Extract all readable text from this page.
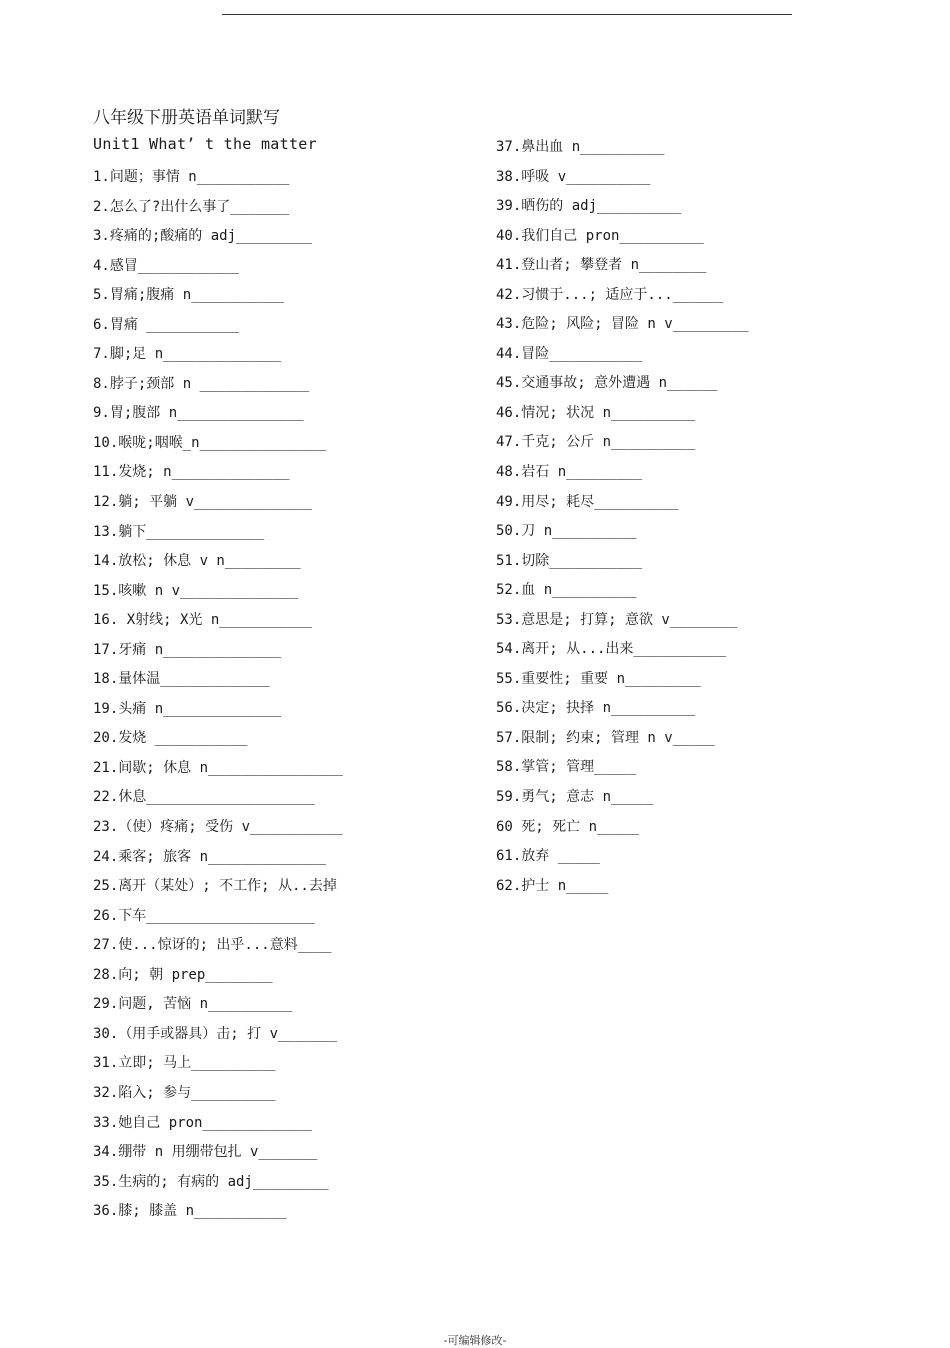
八年级下册英语单词默写
Unit1 What’ t the matter
1.问题；事情 n___________
2.怎么了?出什么事了_______
3.疼痛的;酸痛的 adj_________
4.感冒____________
5.胃痛;腹痛 n___________
6.胃痛 ___________
7.脚;足 n______________
8.脖子;颈部 n _____________
9.胃;腹部 n_______________
10.喉咙;咽喉_n_______________
11.发烧; n______________
12.躺; 平躺 v______________
13.躺下______________
14.放松; 休息 v n_________
15.咳嗽 n v______________
16. X射线; X光 n___________
17.牙痛 n______________
18.量体温_____________
19.头痛 n______________
20.发烧 ___________
21.间歇; 休息 n________________
22.休息____________________
23.（使）疼痛; 受伤 v___________
24.乘客; 旅客 n______________
25.离开（某处）; 不工作; 从..去掉
26.下车____________________
27.使...惊讶的; 出乎...意料____
28.向; 朝 prep________
29.问题, 苦恼 n__________
30.（用手或器具）击; 打 v_______
31.立即; 马上__________
32.陷入; 参与__________
33.她自己 pron_____________
34.绷带 n 用绷带包扎 v_______
35.生病的; 有病的 adj_________
36.膝; 膝盖 n___________
37.鼻出血 n__________
38.呼吸 v__________
39.晒伤的 adj__________
40.我们自己 pron__________
41.登山者; 攀登者 n________
42.习惯于...; 适应于...______
43.危险; 风险; 冒险 n v_________
44.冒险___________
45.交通事故; 意外遭遇 n______
46.情况; 状况 n__________
47.千克; 公斤 n__________
48.岩石 n_________
49.用尽; 耗尽__________
50.刀 n__________
51.切除___________
52.血 n__________
53.意思是; 打算; 意欲 v________
54.离开; 从...出来___________
55.重要性; 重要 n_________
56.决定; 抉择 n__________
57.限制; 约束; 管理 n v_____
58.掌管; 管理_____
59.勇气; 意志 n_____
60 死; 死亡 n_____
61.放弃 _____
62.护士 n_____
-可编辑修改-
